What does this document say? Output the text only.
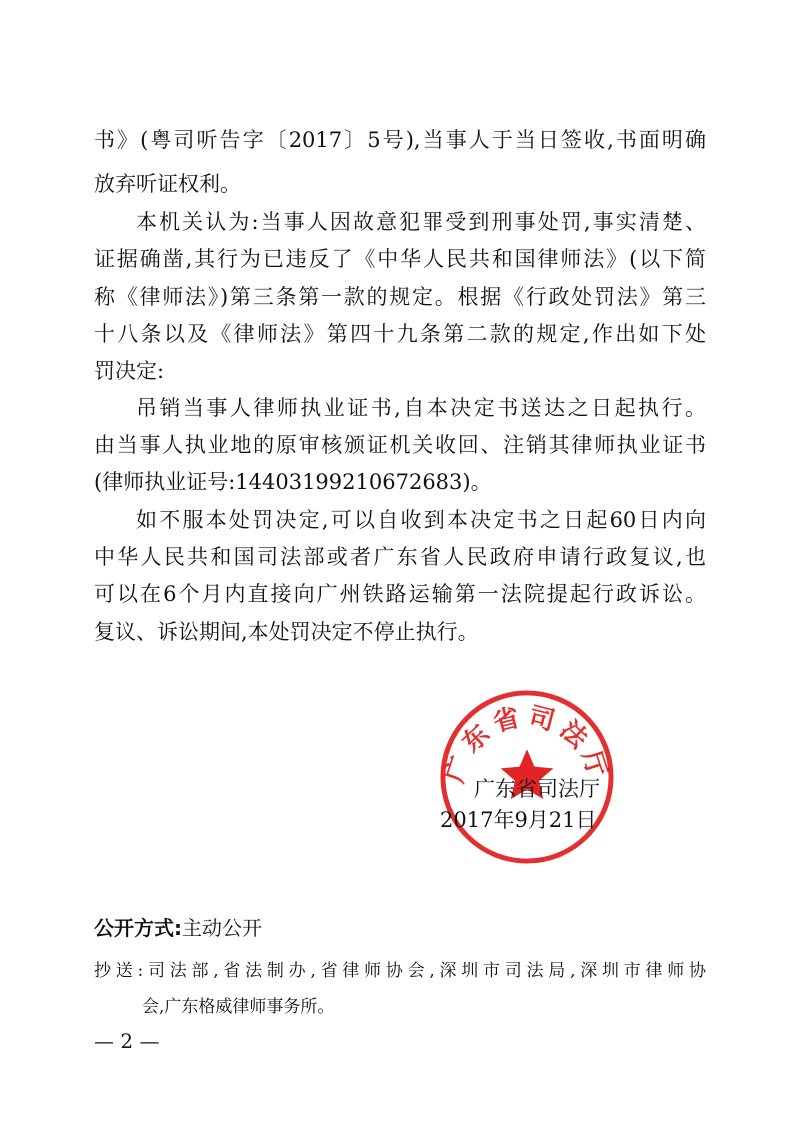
书》(粤司听告字〔2017〕5号),当事人于当日签收,书面明确
放弃听证权利。
本机关认为:当事人因故意犯罪受到刑事处罚,事实清楚、
证据确凿,其行为已违反了《中华人民共和国律师法》(以下简
称《律师法》)第三条第一款的规定。根据《行政处罚法》第三
十八条以及《律师法》第四十九条第二款的规定,作出如下处
罚决定:
吊销当事人律师执业证书,自本决定书送达之日起执行。
由当事人执业地的原审核颁证机关收回、注销其律师执业证书
(律师执业证号:14403199210672683)。
如不服本处罚决定,可以自收到本决定书之日起60日内向
中华人民共和国司法部或者广东省人民政府申请行政复议,也
可以在6个月内直接向广州铁路运输第一法院提起行政诉讼。
复议、诉讼期间,本处罚决定不停止执行。
广东省司法厅
广东省司法厅
2017年9月21日
公开方式:主动公开
抄送:司法部,省法制办,省律师协会,深圳市司法局,深圳市律师协
会,广东格威律师事务所。
— 2 —
